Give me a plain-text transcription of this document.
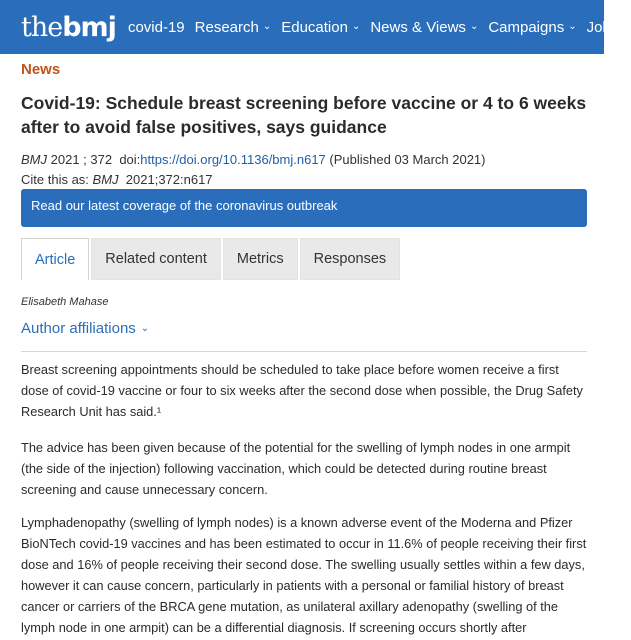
the bmj covid-19 Research ⌄ Education ⌄ News & Views ⌄ Campaigns ⌄ Jobs ⌄
News
Covid-19: Schedule breast screening before vaccine or 4 to 6 weeks after to avoid false positives, says guidance
BMJ 2021 ; 372 doi:https://doi.org/10.1136/bmj.n617 (Published 03 March 2021)
Cite this as: BMJ 2021;372:n617
Read our latest coverage of the coronavirus outbreak
Article Related content Metrics Responses
Elisabeth Mahase
Author affiliations ⌄

Breast screening appointments should be scheduled to take place before women receive a first dose of covid-19 vaccine or four to six weeks after the second dose when possible, the Drug Safety Research Unit has said.¹

The advice has been given because of the potential for the swelling of lymph nodes in one armpit (the side of the injection) following vaccination, which could be detected during routine breast screening and cause unnecessary concern.

Lymphadenopathy (swelling of lymph nodes) is a known adverse event of the Moderna and Pfizer BioNTech covid-19 vaccines and has been estimated to occur in 11.6% of people receiving their first dose and 16% of people receiving their second dose. The swelling usually settles within a few days, however it can cause concern, particularly in patients with a personal or familial history of breast cancer or carriers of the BRCA gene mutation, as unilateral axillary adenopathy (swelling of the lymph node in one armpit) can be a differential diagnosis. If screening occurs shortly after
